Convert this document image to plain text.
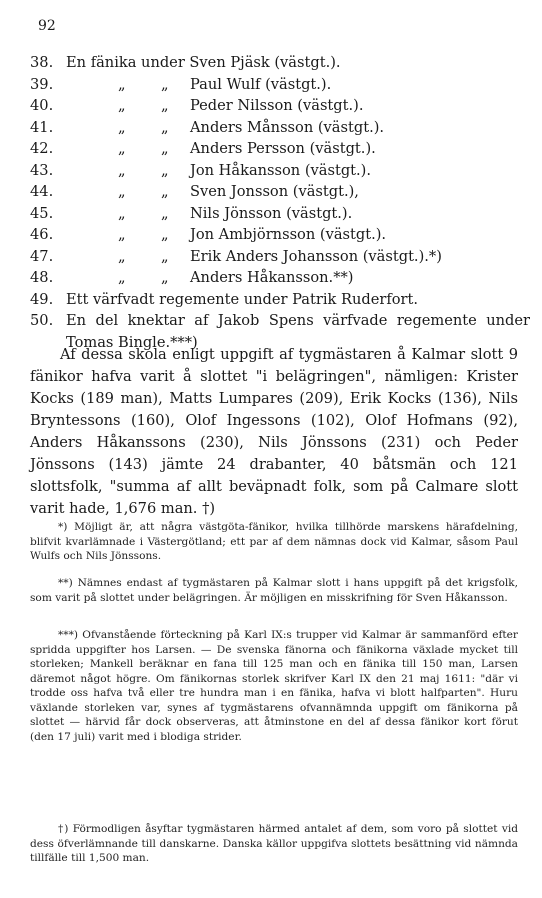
92
38. En fänika under Sven Pjäsk (västgt.).
39.	„ „ Paul Wulf (västgt.).
40.	„ „ Peder Nilsson (västgt.).
41.	„ „ Anders Månsson (västgt.).
42.	„ „ Anders Persson (västgt.).
43.	„ „ Jon Håkansson (västgt.).
44.	„ „ Sven Jonsson (västgt.),
45.	„ „ Nils Jönsson (västgt.).
46.	„ „ Jon Ambjörnsson (västgt.).
47.	„ „ Erik Anders Johansson (västgt.).*)
48.	„ „ Anders Håkansson.**)
49. Ett värfvadt regemente under Patrik Ruderfort.
50. En del knektar af Jakob Spens värfvade regemente under Tomas Bingle.***)

Af dessa skola enligt uppgift af tygmästaren å Kalmar slott 9 fänikor hafva varit å slottet "i belägringen", nämligen: Krister Kocks (189 man), Matts Lumpares (209), Erik Kocks (136), Nils Bryntessons (160), Olof Ingessons (102), Olof Hofmans (92), Anders Håkanssons (230), Nils Jönssons (231) och Peder Jönssons (143) jämte 24 drabanter, 40 båtsmän och 121 slottsfolk, "summa af allt beväpnadt folk, som på Calmare slott varit hade, 1,676 man. †)

*) Möjligt är, att några västgöta-fänikor, hvilka tillhörde marskens härafdelning, blifvit kvarlämnade i Västergötland; ett par af dem nämnas dock vid Kalmar, såsom Paul Wulfs och Nils Jönssons.

**) Nämnes endast af tygmästaren på Kalmar slott i hans uppgift på det krigsfolk, som varit på slottet under belägringen. Är möjligen en misskrifning för Sven Håkansson.

***) Ofvanstående förteckning på Karl IX:s trupper vid Kalmar är sammanförd efter spridda uppgifter hos Larsen. — De svenska fänorna och fänikorna växlade mycket till storleken; Mankell beräknar en fana till 125 man och en fänika till 150 man, Larsen däremot något högre. Om fänikornas storlek skrifver Karl IX den 21 maj 1611: "där vi trodde oss hafva två eller tre hundra man i en fänika, hafva vi blott halfparten". Huru växlande storleken var, synes af tygmästarens ofvannämnda uppgift om fänikorna på slottet — härvid får dock observeras, att åtminstone en del af dessa fänikor kort förut (den 17 juli) varit med i blodiga strider.

†) Förmodligen åsyftar tygmästaren härmed antalet af dem, som voro på slottet vid dess öfverlämnande till danskarne. Danska källor uppgifva slottets besättning vid nämnda tillfälle till 1,500 man.
